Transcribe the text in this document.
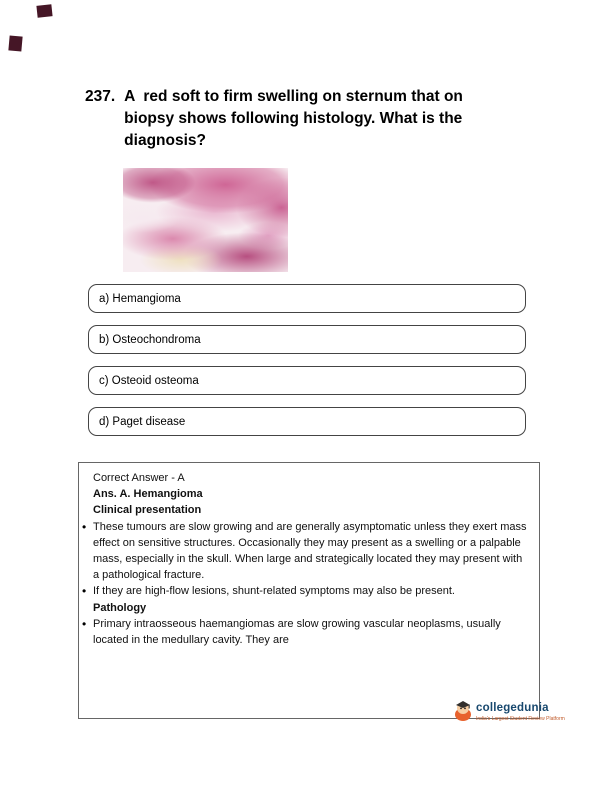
237. A  red soft to firm swelling on sternum that on biopsy shows following histology. What is the diagnosis?
a) Hemangioma
b) Osteochondroma
c) Osteoid osteoma
d) Paget disease

Correct Answer - A

Ans. A. Hemangioma

Clinical presentation

• These tumours are slow growing and are generally asymptomatic unless they exert mass effect on sensitive structures. Occasionally they may present as a swelling or a palpable mass, especially in the skull. When large and strategically located they may present with a pathological fracture.

• If they are high-flow lesions, shunt-related symptoms may also be present.

Pathology

• Primary intraosseous haemangiomas are slow growing vascular neoplasms, usually located in the medullary cavity. They are

collegedunia
India's Largest Student Review Platform
